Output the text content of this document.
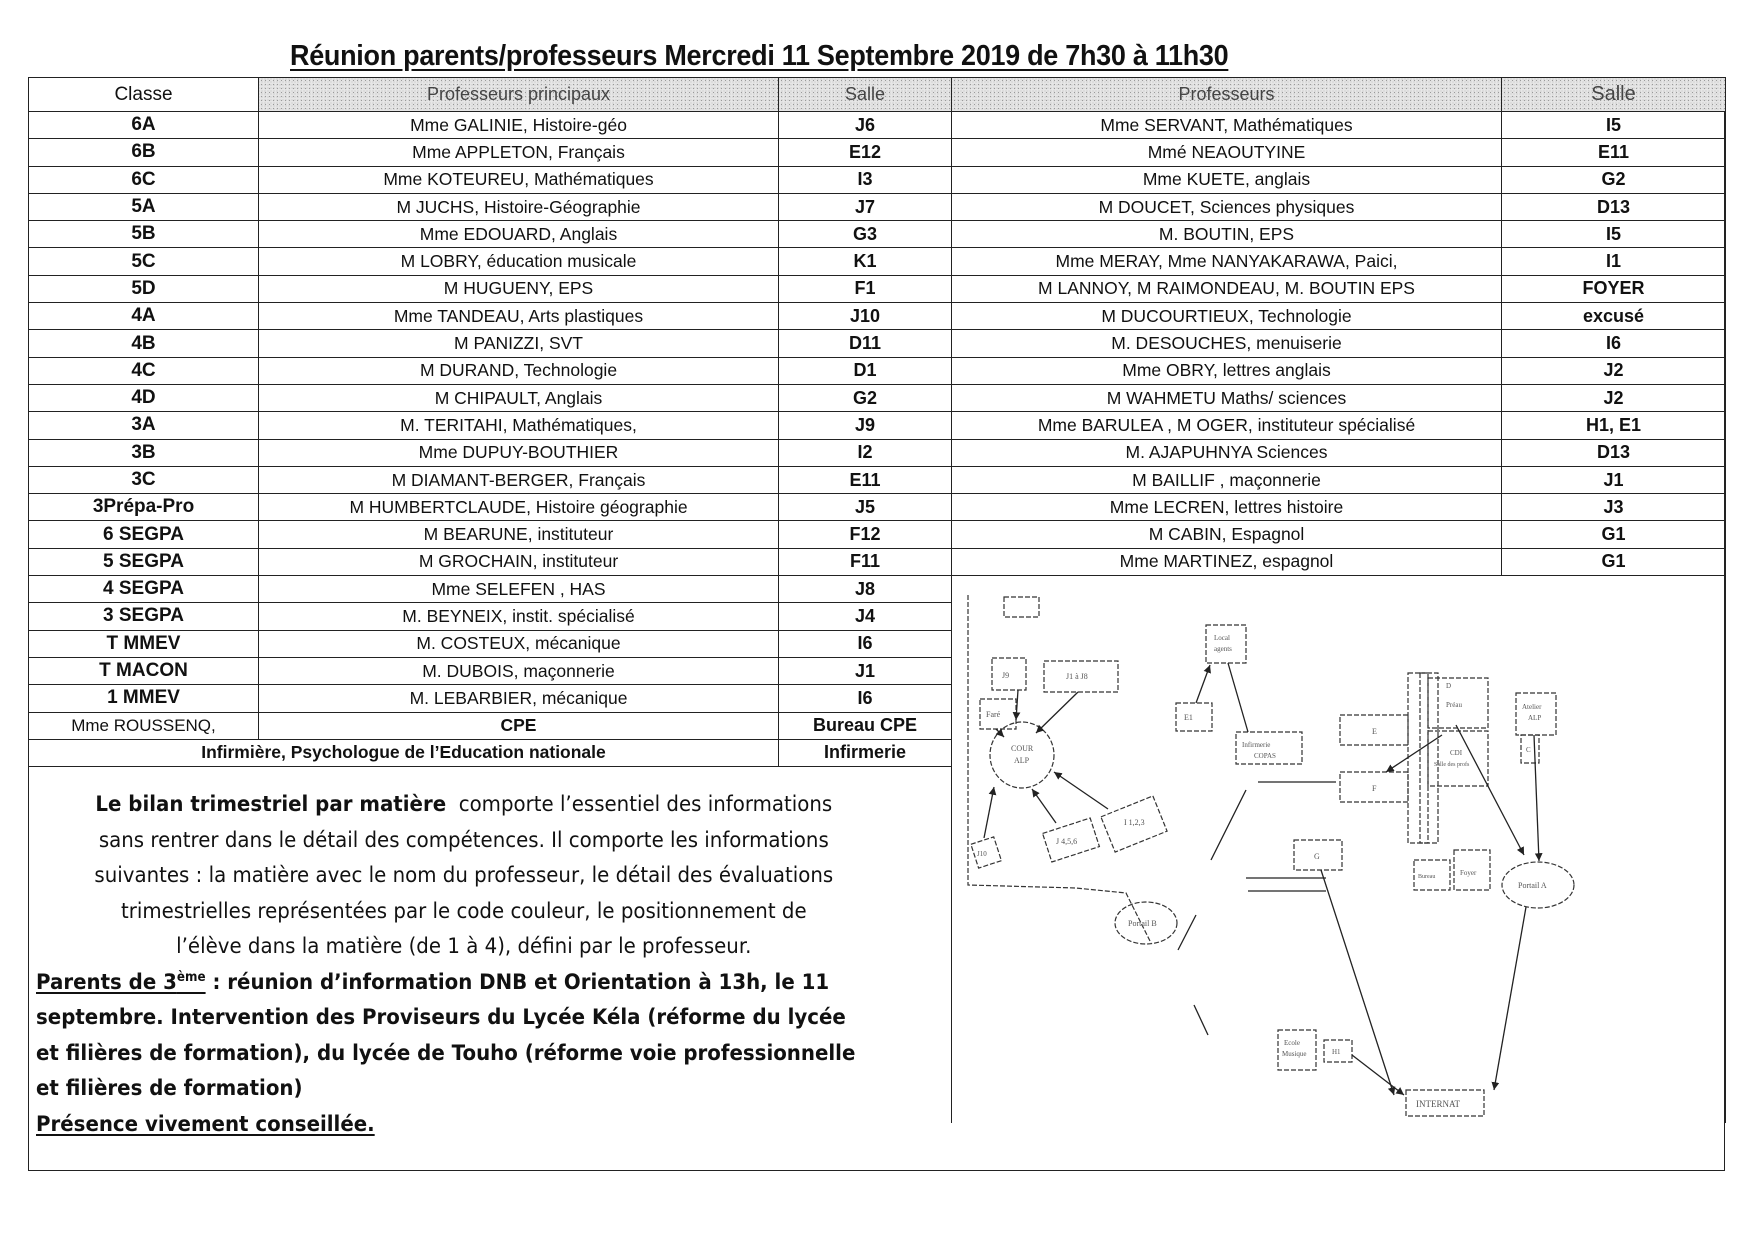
Réunion parents/professeurs Mercredi 11 Septembre 2019 de 7h30 à 11h30
Classe	Professeurs principaux	Salle	Professeurs	Salle
6A	Mme GALINIE, Histoire-géo	J6	Mme SERVANT, Mathématiques	I5
6B	Mme APPLETON, Français	E12	Mmé NEAOUTYINE	E11
6C	Mme KOTEUREU, Mathématiques	I3	Mme KUETE, anglais	G2
5A	M JUCHS, Histoire-Géographie	J7	M DOUCET, Sciences physiques	D13
5B	Mme EDOUARD, Anglais	G3	M. BOUTIN, EPS	I5
5C	M LOBRY, éducation musicale	K1	Mme MERAY, Mme NANYAKARAWA, Paici,	I1
5D	M HUGUENY, EPS	F1	M LANNOY, M RAIMONDEAU, M. BOUTIN EPS	FOYER
4A	Mme TANDEAU, Arts plastiques	J10	M DUCOURTIEUX, Technologie	excusé
4B	M PANIZZI, SVT	D11	M. DESOUCHES, menuiserie	I6
4C	M DURAND, Technologie	D1	Mme OBRY, lettres anglais	J2
4D	M CHIPAULT, Anglais	G2	M WAHMETU Maths/ sciences	J2
3A	M. TERITAHI, Mathématiques,	J9	Mme BARULEA , M OGER, instituteur spécialisé	H1, E1
3B	Mme DUPUY-BOUTHIER	I2	M. AJAPUHNYA Sciences	D13
3C	M DIAMANT-BERGER, Français	E11	M BAILLIF , maçonnerie	J1
3Prépa-Pro	M HUMBERTCLAUDE, Histoire géographie	J5	Mme LECREN, lettres histoire	J3
6 SEGPA	M BEARUNE, instituteur	F12	M CABIN, Espagnol	G1
5 SEGPA	M GROCHAIN, instituteur	F11	Mme MARTINEZ, espagnol	G1
4 SEGPA	Mme SELEFEN , HAS	J8		
3 SEGPA	M. BEYNEIX, instit. spécialisé	J4		
T MMEV	M. COSTEUX, mécanique	I6		
T MACON	M. DUBOIS, maçonnerie	J1		
1 MMEV	M. LEBARBIER, mécanique	I6		
Mme ROUSSENQ,	CPE	Bureau CPE		
Infirmière, Psychologue de l’Education nationale		Infirmerie		

Le bilan trimestriel par matière  comporte l’essentiel des informations
sans rentrer dans le détail des compétences. Il comporte les informations
suivantes : la matière avec le nom du professeur, le détail des évaluations
trimestrielles représentées par le code couleur, le positionnement de
l’élève dans la matière (de 1 à 4), défini par le professeur.
Parents de 3ème : réunion d’information DNB et Orientation à 13h, le 11
septembre. Intervention des Proviseurs du Lycée Kéla (réforme du lycée
et filières de formation), du lycée de Touho (réforme voie professionnelle
et filières de formation)
Présence vivement conseillée.
J9	J1 à J8
Faré
COUR
ALP
J10
J 4,5,6
I 1,2,3
Local
agents
E1
Infirmerie
COPAS
Portail B
D
Préau
E
F
CDI
Salle des profs
Atelier
ALP
C
G
Bureau	Foyer
Portail A
Ecole
Musique	H1
INTERNAT
